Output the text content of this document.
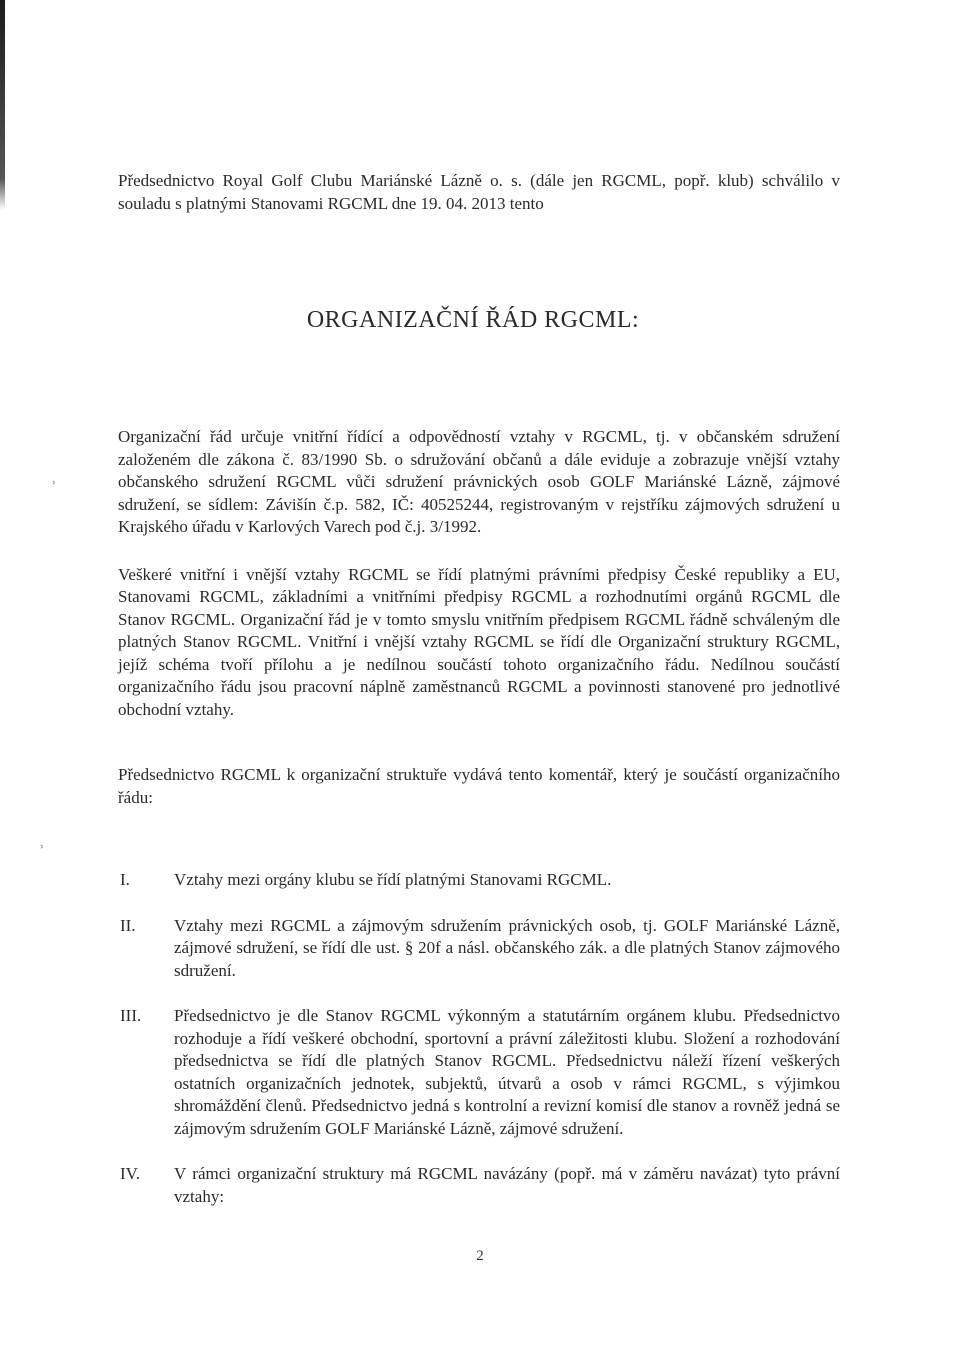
˒
˒

Předsednictvo Royal Golf Clubu Mariánské Lázně o. s. (dále jen RGCML, popř. klub) schválilo v souladu s platnými Stanovami RGCML dne 19. 04. 2013 tento

ORGANIZAČNÍ ŘÁD RGCML:

Organizační řád určuje vnitřní řídící a odpovědností vztahy v RGCML, tj. v občanském sdružení založeném dle zákona č. 83/1990 Sb. o sdružování občanů a dále eviduje a zobrazuje vnější vztahy občanského sdružení RGCML vůči sdružení právnických osob GOLF Mariánské Lázně, zájmové sdružení, se sídlem: Závišín č.p. 582, IČ: 40525244, registrovaným v rejstříku zájmových sdružení u Krajského úřadu v Karlových Varech pod č.j. 3/1992.

Veškeré vnitřní i vnější vztahy RGCML se řídí platnými právními předpisy České republiky a EU, Stanovami RGCML, základními a vnitřními předpisy RGCML a rozhodnutími orgánů RGCML dle Stanov RGCML. Organizační řád je v tomto smyslu vnitřním předpisem RGCML řádně schváleným dle platných Stanov RGCML. Vnitřní i vnější vztahy RGCML se řídí dle Organizační struktury RGCML, jejíž schéma tvoří přílohu a je nedílnou součástí tohoto organizačního řádu. Nedílnou součástí organizačního řádu jsou pracovní náplně zaměstnanců RGCML a povinnosti stanovené pro jednotlivé obchodní vztahy.

Předsednictvo RGCML k organizační struktuře vydává tento komentář, který je součástí organizačního řádu:

I.	Vztahy mezi orgány klubu se řídí platnými Stanovami RGCML.

II.	Vztahy mezi RGCML a zájmovým sdružením právnických osob, tj. GOLF Mariánské Lázně, zájmové sdružení, se řídí dle ust. § 20f a násl. občanského zák. a dle platných Stanov zájmového sdružení.

III.	Předsednictvo je dle Stanov RGCML výkonným a statutárním orgánem klubu. Předsednictvo rozhoduje a řídí veškeré obchodní, sportovní a právní záležitosti klubu. Složení a rozhodování předsednictva se řídí dle platných Stanov RGCML. Předsednictvu náleží řízení veškerých ostatních organizačních jednotek, subjektů, útvarů a osob v rámci RGCML, s výjimkou shromáždění členů. Předsednictvo jedná s kontrolní a revizní komisí dle stanov a rovněž jedná se zájmovým sdružením GOLF Mariánské Lázně, zájmové sdružení.

IV.	V rámci organizační struktury má RGCML navázány (popř. má v záměru navázat) tyto právní vztahy:

2
